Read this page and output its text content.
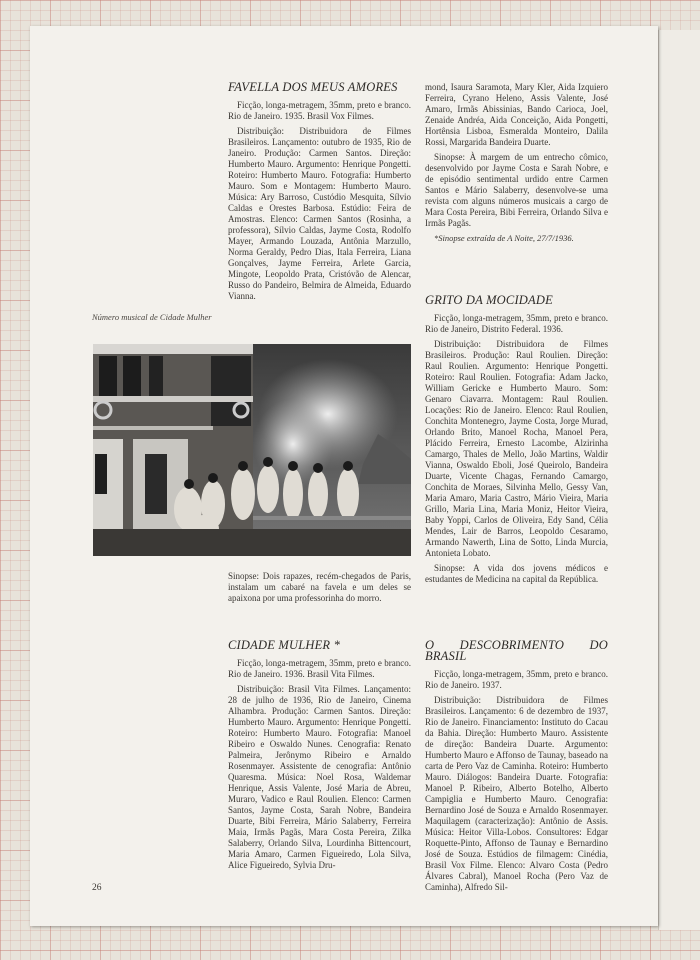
FAVELLA DOS MEUS AMORES

Ficção, longa-metragem, 35mm, preto e branco. Rio de Janeiro. 1935. Brasil Vox Filmes.

Distribuição: Distribuidora de Filmes Brasileiros. Lançamento: outubro de 1935, Rio de Janeiro. Produção: Carmen Santos. Direção: Humberto Mauro. Argumento: Henrique Pongetti. Roteiro: Humberto Mauro. Fotografia: Humberto Mauro. Som e Montagem: Humberto Mauro. Música: Ary Barroso, Custódio Mesquita, Sílvio Caldas e Orestes Barbosa. Estúdio: Feira de Amostras. Elenco: Carmen Santos (Rosinha, a professora), Sílvio Caldas, Jayme Costa, Rodolfo Mayer, Armando Louzada, Antônia Marzullo, Norma Geraldy, Pedro Dias, Itala Ferreira, Liana Gonçalves, Jayme Ferreira, Arlete Garcia, Mingote, Leopoldo Prata, Cristóvão de Alencar, Russo do Pandeiro, Belmira de Almeida, Eduardo Vianna.

mond, Isaura Saramota, Mary Kler, Aida Izquiero Ferreira, Cyrano Heleno, Assis Valente, José Amaro, Irmãs Abissinias, Bando Carioca, Joel, Zenaide Andréa, Aida Conceição, Aida Pongetti, Hortênsia Lisboa, Esmeralda Monteiro, Dalila Rossi, Margarida Bandeira Duarte.

Sinopse: À margem de um entrecho cômico, desenvolvido por Jayme Costa e Sarah Nobre, e de episódio sentimental urdido entre Carmen Santos e Mário Salaberry, desenvolve-se uma revista com alguns números musicais a cargo de Mara Costa Pereira, Bibi Ferreira, Orlando Silva e Irmãs Pagãs.

*Sinopse extraída de A Noite, 27/7/1936.

Número musical de Cidade Mulher
Sinopse: Dois rapazes, recém-chegados de Paris, instalam um cabaré na favela e um deles se apaixona por uma professorinha do morro.
GRITO DA MOCIDADE

Ficção, longa-metragem, 35mm, preto e branco. Rio de Janeiro, Distrito Federal. 1936.

Distribuição: Distribuidora de Filmes Brasileiros. Produção: Raul Roulien. Direção: Raul Roulien. Argumento: Henrique Pongetti. Roteiro: Raul Roulien. Fotografia: Adam Jacko, William Gericke e Humberto Mauro. Som: Genaro Ciavarra. Montagem: Raul Roulien. Locações: Rio de Janeiro. Elenco: Raul Roulien, Conchita Montenegro, Jayme Costa, Jorge Murad, Orlando Brito, Manoel Rocha, Manoel Pera, Plácido Ferreira, Ernesto Lacombe, Alzirinha Camargo, Thales de Mello, João Martins, Waldir Vianna, Oswaldo Eboli, José Queirolo, Bandeira Duarte, Vicente Chagas, Fernando Camargo, Conchita de Moraes, Silvinha Mello, Gessy Van, Maria Amaro, Maria Castro, Mário Vieira, Maria Grillo, Maria Lina, Maria Moniz, Heitor Vieira, Baby Yoppi, Carlos de Oliveira, Edy Sand, Célia Mendes, Lair de Barros, Leopoldo Cesaramo, Armando Nawerth, Lina de Sotto, Linda Murcia, Antonieta Lobato.

Sinopse: A vida dos jovens médicos e estudantes de Medicina na capital da República.

CIDADE MULHER *

Ficção, longa-metragem, 35mm, preto e branco. Rio de Janeiro. 1936. Brasil Vita Filmes.

Distribuição: Brasil Vita Filmes. Lançamento: 28 de julho de 1936, Rio de Janeiro, Cinema Alhambra. Produção: Carmen Santos. Direção: Humberto Mauro. Argumento: Henrique Pongetti. Roteiro: Humberto Mauro. Fotografia: Manoel Ribeiro e Oswaldo Nunes. Cenografia: Renato Palmeira, Jerônymo Ribeiro e Arnaldo Rosenmayer. Assistente de cenografia: Antônio Quaresma. Música: Noel Rosa, Waldemar Henrique, Assis Valente, José Maria de Abreu, Muraro, Vadico e Raul Roulien. Elenco: Carmen Santos, Jayme Costa, Sarah Nobre, Bandeira Duarte, Bibi Ferreira, Mário Salaberry, Ferreira Maia, Irmãs Pagãs, Mara Costa Pereira, Zilka Salaberry, Orlando Silva, Lourdinha Bittencourt, Maria Amaro, Carmen Figueiredo, Lola Silva, Alice Figueiredo, Sylvia Dru-

O DESCOBRIMENTO DO BRASIL

Ficção, longa-metragem, 35mm, preto e branco. Rio de Janeiro. 1937.

Distribuição: Distribuidora de Filmes Brasileiros. Lançamento: 6 de dezembro de 1937, Rio de Janeiro. Financiamento: Instituto do Cacau da Bahia. Direção: Humberto Mauro. Assistente de direção: Bandeira Duarte. Argumento: Humberto Mauro e Affonso de Taunay, baseado na carta de Pero Vaz de Caminha. Roteiro: Humberto Mauro. Diálogos: Bandeira Duarte. Fotografia: Manoel P. Ribeiro, Alberto Botelho, Alberto Campiglia e Humberto Mauro. Cenografia: Bernardino José de Souza e Arnaldo Rosenmayer. Maquilagem (caracterização): Antônio de Assis. Música: Heitor Villa-Lobos. Consultores: Edgar Roquette-Pinto, Affonso de Taunay e Bernardino José de Souza. Estúdios de filmagem: Cinédia, Brasil Vox Filme. Elenco: Alvaro Costa (Pedro Álvares Cabral), Manoel Rocha (Pero Vaz de Caminha), Alfredo Sil-

26
